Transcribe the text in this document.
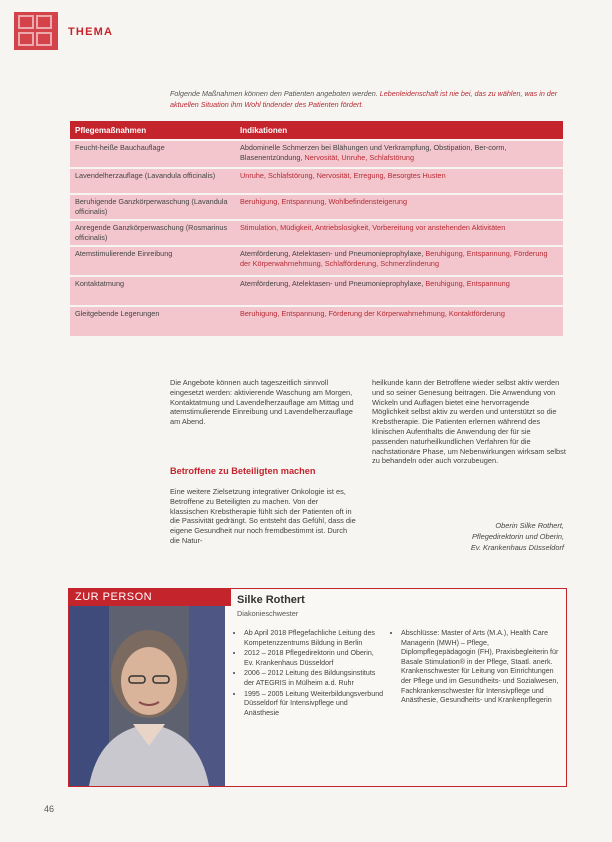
THEMA
Folgende Maßnahmen können den Patienten angeboten werden. Lebenleidenschaft ist nie bei, das zu wählen, was in der aktuellen Situation ihm Wohl tindender des Patienten fördert.
Pflegemaßnahmen	Indikationen
Feucht-heiße Bauchauflage	Abdominelle Schmerzen bei Blähungen und Verkrampfung, Obstipation, Ber-corm, Blasenentzündung, Nervosität, Unruhe, Schlafstörung
Lavendelherzauflage (Lavandula officinalis)	Unruhe, Schlafstörung, Nervosität, Erregung, Besorgtes Husten
Beruhigende Ganzkörperwaschung (Lavandula officinalis)	Beruhigung, Entspannung, Wohlbefindensteigerung
Anregende Ganzkörperwaschung (Rosmarinus officinalis)	Stimulation, Müdigkeit, Antriebslosigkeit, Vorbereitung vor anstehenden Aktivitäten
Atemstimulierende Einreibung	Atemförderung, Atelektasen- und Pneumonieprophylaxe, Beruhigung, Entspannung, Förderung der Körperwahrnehmung, Schlafförderung, Schmerzlinderung
Kontaktatmung	Atemförderung, Atelektasen- und Pneumonieprophylaxe, Beruhigung, Entspannung
Gleitgebende Legerungen	Beruhigung, Entspannung, Förderung der Körperwahrnehmung, Kontaktförderung
Die Angebote können auch tageszeitlich sinnvoll eingesetzt werden: aktivierende Waschung am Morgen, Kontaktatmung und Lavendelherzauflage am Mittag und atemstimulierende Einreibung und Lavendelherzauflage am Abend.
Betroffene zu Beteiligten machen
Eine weitere Zielsetzung integrativer Onkologie ist es, Betroffene zu Beteiligten zu machen. Von der klassischen Krebstherapie fühlt sich der Patienten oft in die Passivität gedrängt. So entsteht das Gefühl, dass die eigene Gesundheit nur noch fremdbestimmt ist. Durch die Natur-
heilkunde kann der Betroffene wieder selbst aktiv werden und so seiner Genesung beitragen. Die Anwendung von Wickeln und Auflagen bietet eine hervorragende Möglichkeit selbst aktiv zu werden und unterstützt so die Krebstherapie. Die Patienten erlernen während des klinischen Aufenthalts die Anwendung der für sie passenden naturheilkundlichen Verfahren für die nachstationäre Phase, um Nebenwirkungen wirksam selbst zu behandeln oder auch vorzubeugen.
Oberin Silke Rothert,
Pflegedirektorin und Oberin,
Ev. Krankenhaus Düsseldorf
ZUR PERSON	Silke Rothert
Diakonieschwester
• Ab April 2018 Pflegefachliche Leitung des Kompetenzzentrums Bildung in Berlin
• 2012 – 2018 Pflegedirektorin und Oberin, Ev. Krankenhaus Düsseldorf
• 2006 – 2012 Leitung des Bildungsinstituts der ATEGRIS in Mülheim a.d. Ruhr
• 1995 – 2005 Leitung Weiterbildungsverbund Düsseldorf für Intensivpflege und Anästhesie
• Abschlüsse: Master of Arts (M.A.), Health Care Managerin (MWH) – Pflege, Diplompflegepädagogin (FH), Praxisbegleiterin für Basale Stimulation® in der Pflege, Staatl. anerk. Krankenschwester für Leitung von Einrichtungen der Pflege und im Gesundheits- und Sozialwesen, Fachkrankenschwester für Intensivpflege und Anästhesie, Gesundheits- und Krankenpflegerin
46
